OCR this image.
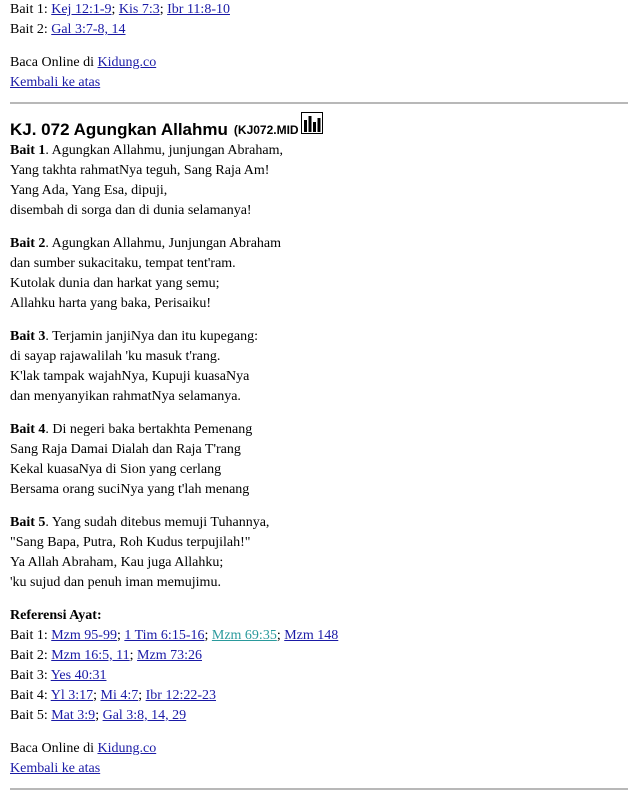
Bait 1: Kej 12:1-9; Kis 7:3; Ibr 11:8-10
Bait 2: Gal 3:7-8, 14
Baca Online di Kidung.co
Kembali ke atas
KJ. 072 Agungkan Allahmu (KJ072.MID
Bait 1. Agungkan Allahmu, junjungan Abraham,
Yang takhta rahmatNya teguh, Sang Raja Am!
Yang Ada, Yang Esa, dipuji,
disembah di sorga dan di dunia selamanya!
Bait 2. Agungkan Allahmu, Junjungan Abraham
dan sumber sukacitaku, tempat tent'ram.
Kutolak dunia dan harkat yang semu;
Allahku harta yang baka, Perisaiku!
Bait 3. Terjamin janjiNya dan itu kupegang:
di sayap rajawalilah 'ku masuk t'rang.
K'lak tampak wajahNya, Kupuji kuasaNya
dan menyanyikan rahmatNya selamanya.
Bait 4. Di negeri baka bertakhta Pemenang
Sang Raja Damai Dialah dan Raja T'rang
Kekal kuasaNya di Sion yang cerlang
Bersama orang suciNya yang t'lah menang
Bait 5. Yang sudah ditebus memuji Tuhannya,
"Sang Bapa, Putra, Roh Kudus terpujilah!"
Ya Allah Abraham, Kau juga Allahku;
'ku sujud dan penuh iman memujimu.
Referensi Ayat:
Bait 1: Mzm 95-99; 1 Tim 6:15-16; Mzm 69:35; Mzm 148
Bait 2: Mzm 16:5, 11; Mzm 73:26
Bait 3: Yes 40:31
Bait 4: Yl 3:17; Mi 4:7; Ibr 12:22-23
Bait 5: Mat 3:9; Gal 3:8, 14, 29
Baca Online di Kidung.co
Kembali ke atas
